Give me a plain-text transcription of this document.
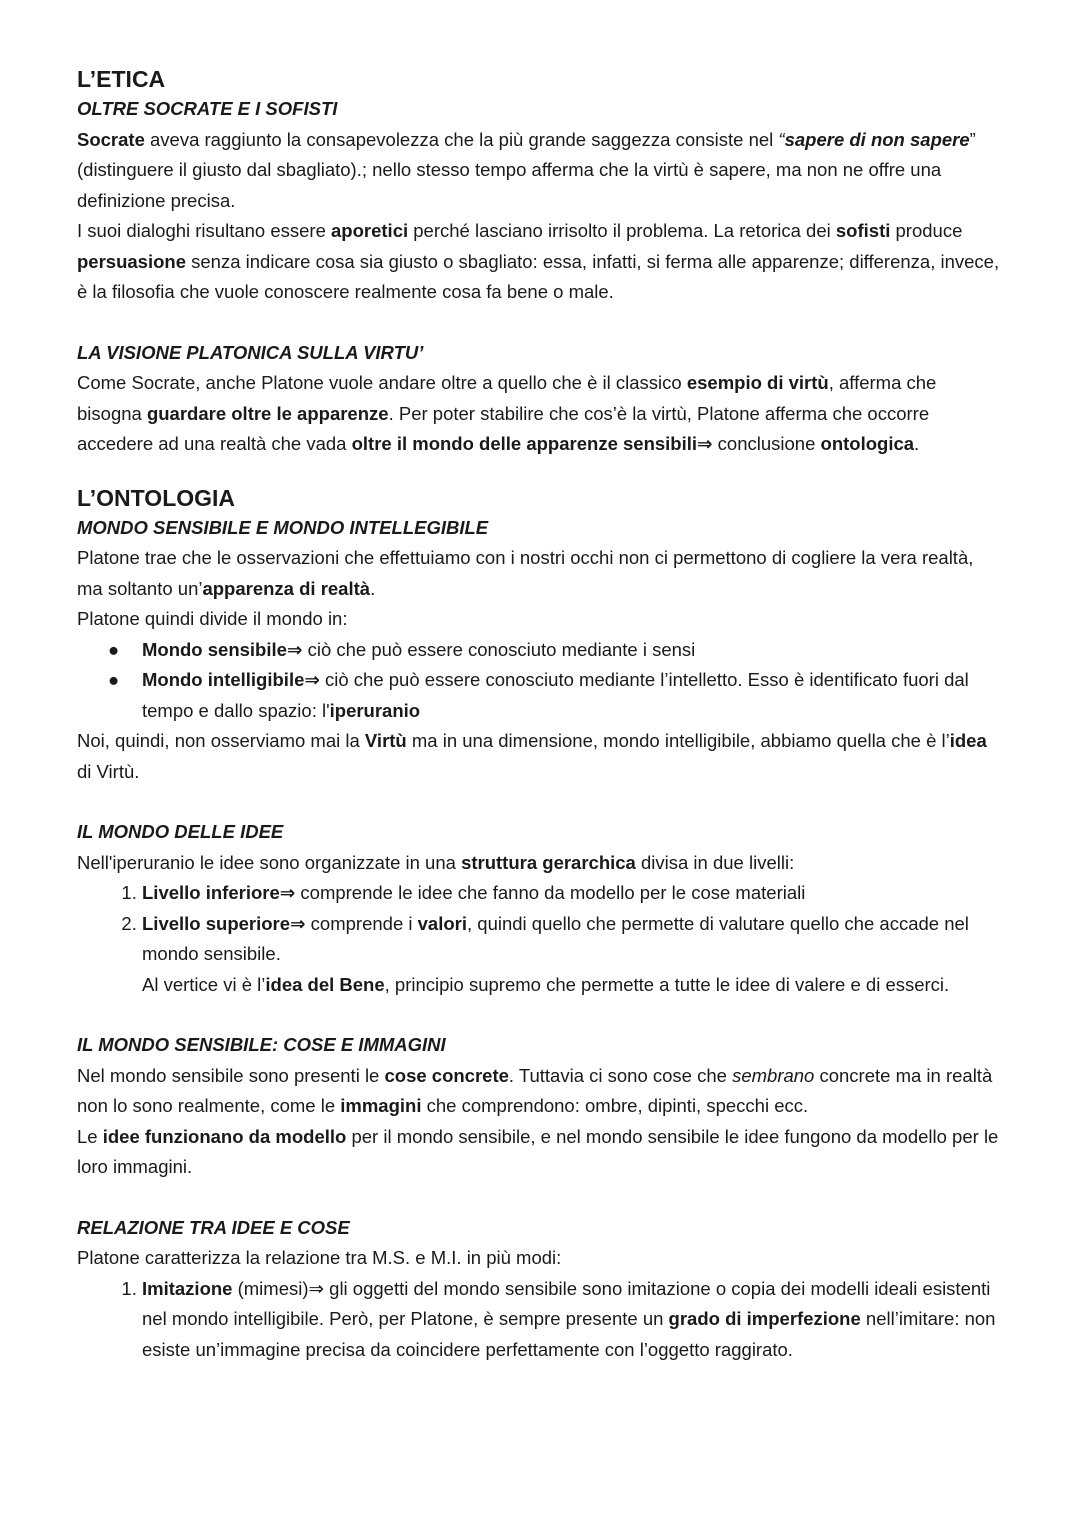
L’ETICA
OLTRE SOCRATE E I SOFISTI

Socrate aveva raggiunto la consapevolezza che la più grande saggezza consiste nel “sapere di non sapere” (distinguere il giusto dal sbagliato).; nello stesso tempo afferma che la virtù è sapere, ma non ne offre una definizione precisa.

I suoi dialoghi risultano essere aporetici perché lasciano irrisolto il problema. La retorica dei sofisti produce persuasione senza indicare cosa sia giusto o sbagliato: essa, infatti, si ferma alle apparenze; differenza, invece, è la filosofia che vuole conoscere realmente cosa fa bene o male.

LA VISIONE PLATONICA SULLA VIRTU’

Come Socrate, anche Platone vuole andare oltre a quello che è il classico esempio di virtù, afferma che bisogna guardare oltre le apparenze. Per poter stabilire che cos’è la virtù, Platone afferma che occorre accedere ad una realtà che vada oltre il mondo delle apparenze sensibili⇒ conclusione ontologica.

L’ONTOLOGIA
MONDO SENSIBILE E MONDO INTELLEGIBILE

Platone trae che le osservazioni che effettuiamo con i nostri occhi non ci permettono di cogliere la vera realtà, ma soltanto un’apparenza di realtà.

Platone quindi divide il mondo in:

● Mondo sensibile⇒ ciò che può essere conosciuto mediante i sensi
● Mondo intelligibile⇒ ciò che può essere conosciuto mediante l’intelletto. Esso è identificato fuori dal tempo e dallo spazio: l'iperuranio

Noi, quindi, non osserviamo mai la Virtù ma in una dimensione, mondo intelligibile, abbiamo quella che è l’idea di Virtù.

IL MONDO DELLE IDEE

Nell'iperuranio le idee sono organizzate in una struttura gerarchica divisa in due livelli:

1. Livello inferiore⇒ comprende le idee che fanno da modello per le cose materiali
2. Livello superiore⇒ comprende i valori, quindi quello che permette di valutare quello che accade nel mondo sensibile.
Al vertice vi è l’idea del Bene, principio supremo che permette a tutte le idee di valere e di esserci.
IL MONDO SENSIBILE: COSE E IMMAGINI

Nel mondo sensibile sono presenti le cose concrete. Tuttavia ci sono cose che sembrano concrete ma in realtà non lo sono realmente, come le immagini che comprendono: ombre, dipinti, specchi ecc.

Le idee funzionano da modello per il mondo sensibile, e nel mondo sensibile le idee fungono da modello per le loro immagini.

RELAZIONE TRA IDEE E COSE

Platone caratterizza la relazione tra M.S. e M.I. in più modi:

1. Imitazione (mimesi)⇒ gli oggetti del mondo sensibile sono imitazione o copia dei modelli ideali esistenti nel mondo intelligibile. Però, per Platone, è sempre presente un grado di imperfezione nell’imitare: non esiste un’immagine precisa da coincidere perfettamente con l’oggetto raggirato.
